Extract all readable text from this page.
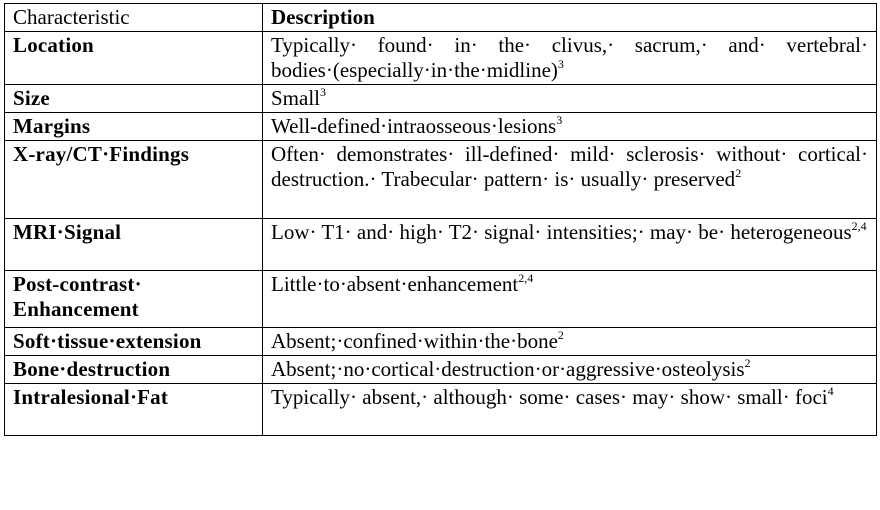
Characteristic	Description
Location	Typically· found· in· the· clivus,· sacrum,· and· vertebral· bodies·(especially·in·the·midline)$^3$
Size	Small$^3$
Margins	Well-defined·intraosseous·lesions$^3$
X-ray/CT·Findings	Often· demonstrates· ill-defined· mild· sclerosis· without· cortical· destruction.· Trabecular· pattern· is· usually· preserved$^2$
MRI·Signal	Low· T1· and· high· T2· signal· intensities;· may· be· heterogeneous$^{2,4}$
Post-contrast· Enhancement	Little·to·absent·enhancement$^{2,4}$
Soft·tissue·extension	Absent;·confined·within·the·bone$^2$
Bone·destruction	Absent;·no·cortical·destruction·or·aggressive·osteolysis$^2$
Intralesional·Fat	Typically· absent,· although· some· cases· may· show· small· foci$^4$
